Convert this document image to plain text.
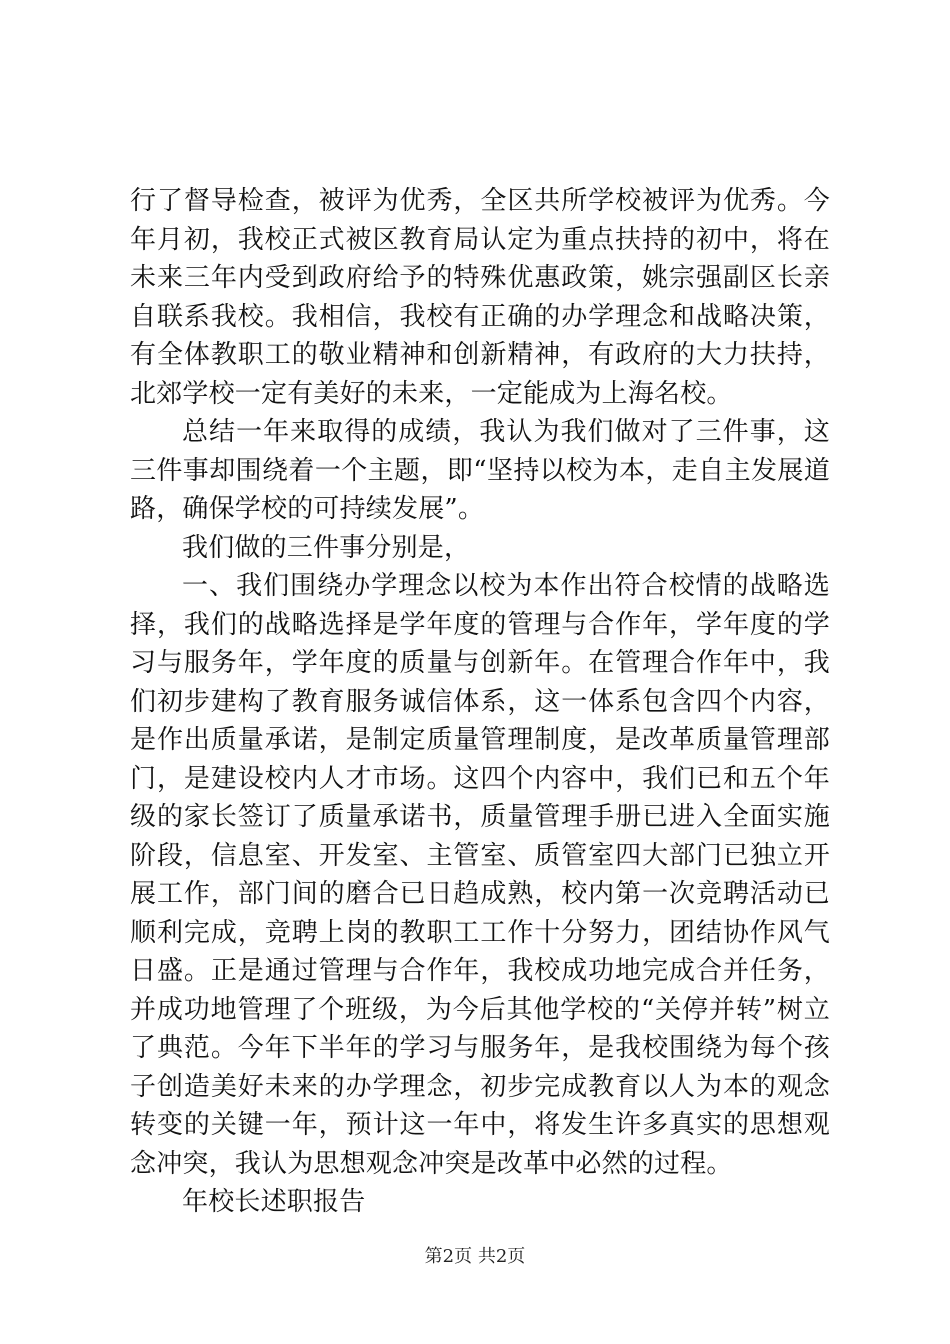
行了督导检查，被评为优秀，全区共所学校被评为优秀。今年月初，我校正式被区教育局认定为重点扶持的初中，将在未来三年内受到政府给予的特殊优惠政策，姚宗强副区长亲自联系我校。我相信，我校有正确的办学理念和战略决策，有全体教职工的敬业精神和创新精神，有政府的大力扶持，北郊学校一定有美好的未来，一定能成为上海名校。

总结一年来取得的成绩，我认为我们做对了三件事，这三件事却围绕着一个主题，即“坚持以校为本，走自主发展道路，确保学校的可持续发展”。

我们做的三件事分别是，

一、我们围绕办学理念以校为本作出符合校情的战略选择，我们的战略选择是学年度的管理与合作年，学年度的学习与服务年，学年度的质量与创新年。在管理合作年中，我们初步建构了教育服务诚信体系，这一体系包含四个内容，是作出质量承诺，是制定质量管理制度，是改革质量管理部门，是建设校内人才市场。这四个内容中，我们已和五个年级的家长签订了质量承诺书，质量管理手册已进入全面实施阶段，信息室、开发室、主管室、质管室四大部门已独立开展工作，部门间的磨合已日趋成熟，校内第一次竞聘活动已顺利完成，竞聘上岗的教职工工作十分努力，团结协作风气日盛。正是通过管理与合作年，我校成功地完成合并任务，并成功地管理了个班级，为今后其他学校的“关停并转”树立了典范。今年下半年的学习与服务年，是我校围绕为每个孩子创造美好未来的办学理念，初步完成教育以人为本的观念转变的关键一年，预计这一年中，将发生许多真实的思想观念冲突，我认为思想观念冲突是改革中必然的过程。

年校长述职报告

第2页 共2页
